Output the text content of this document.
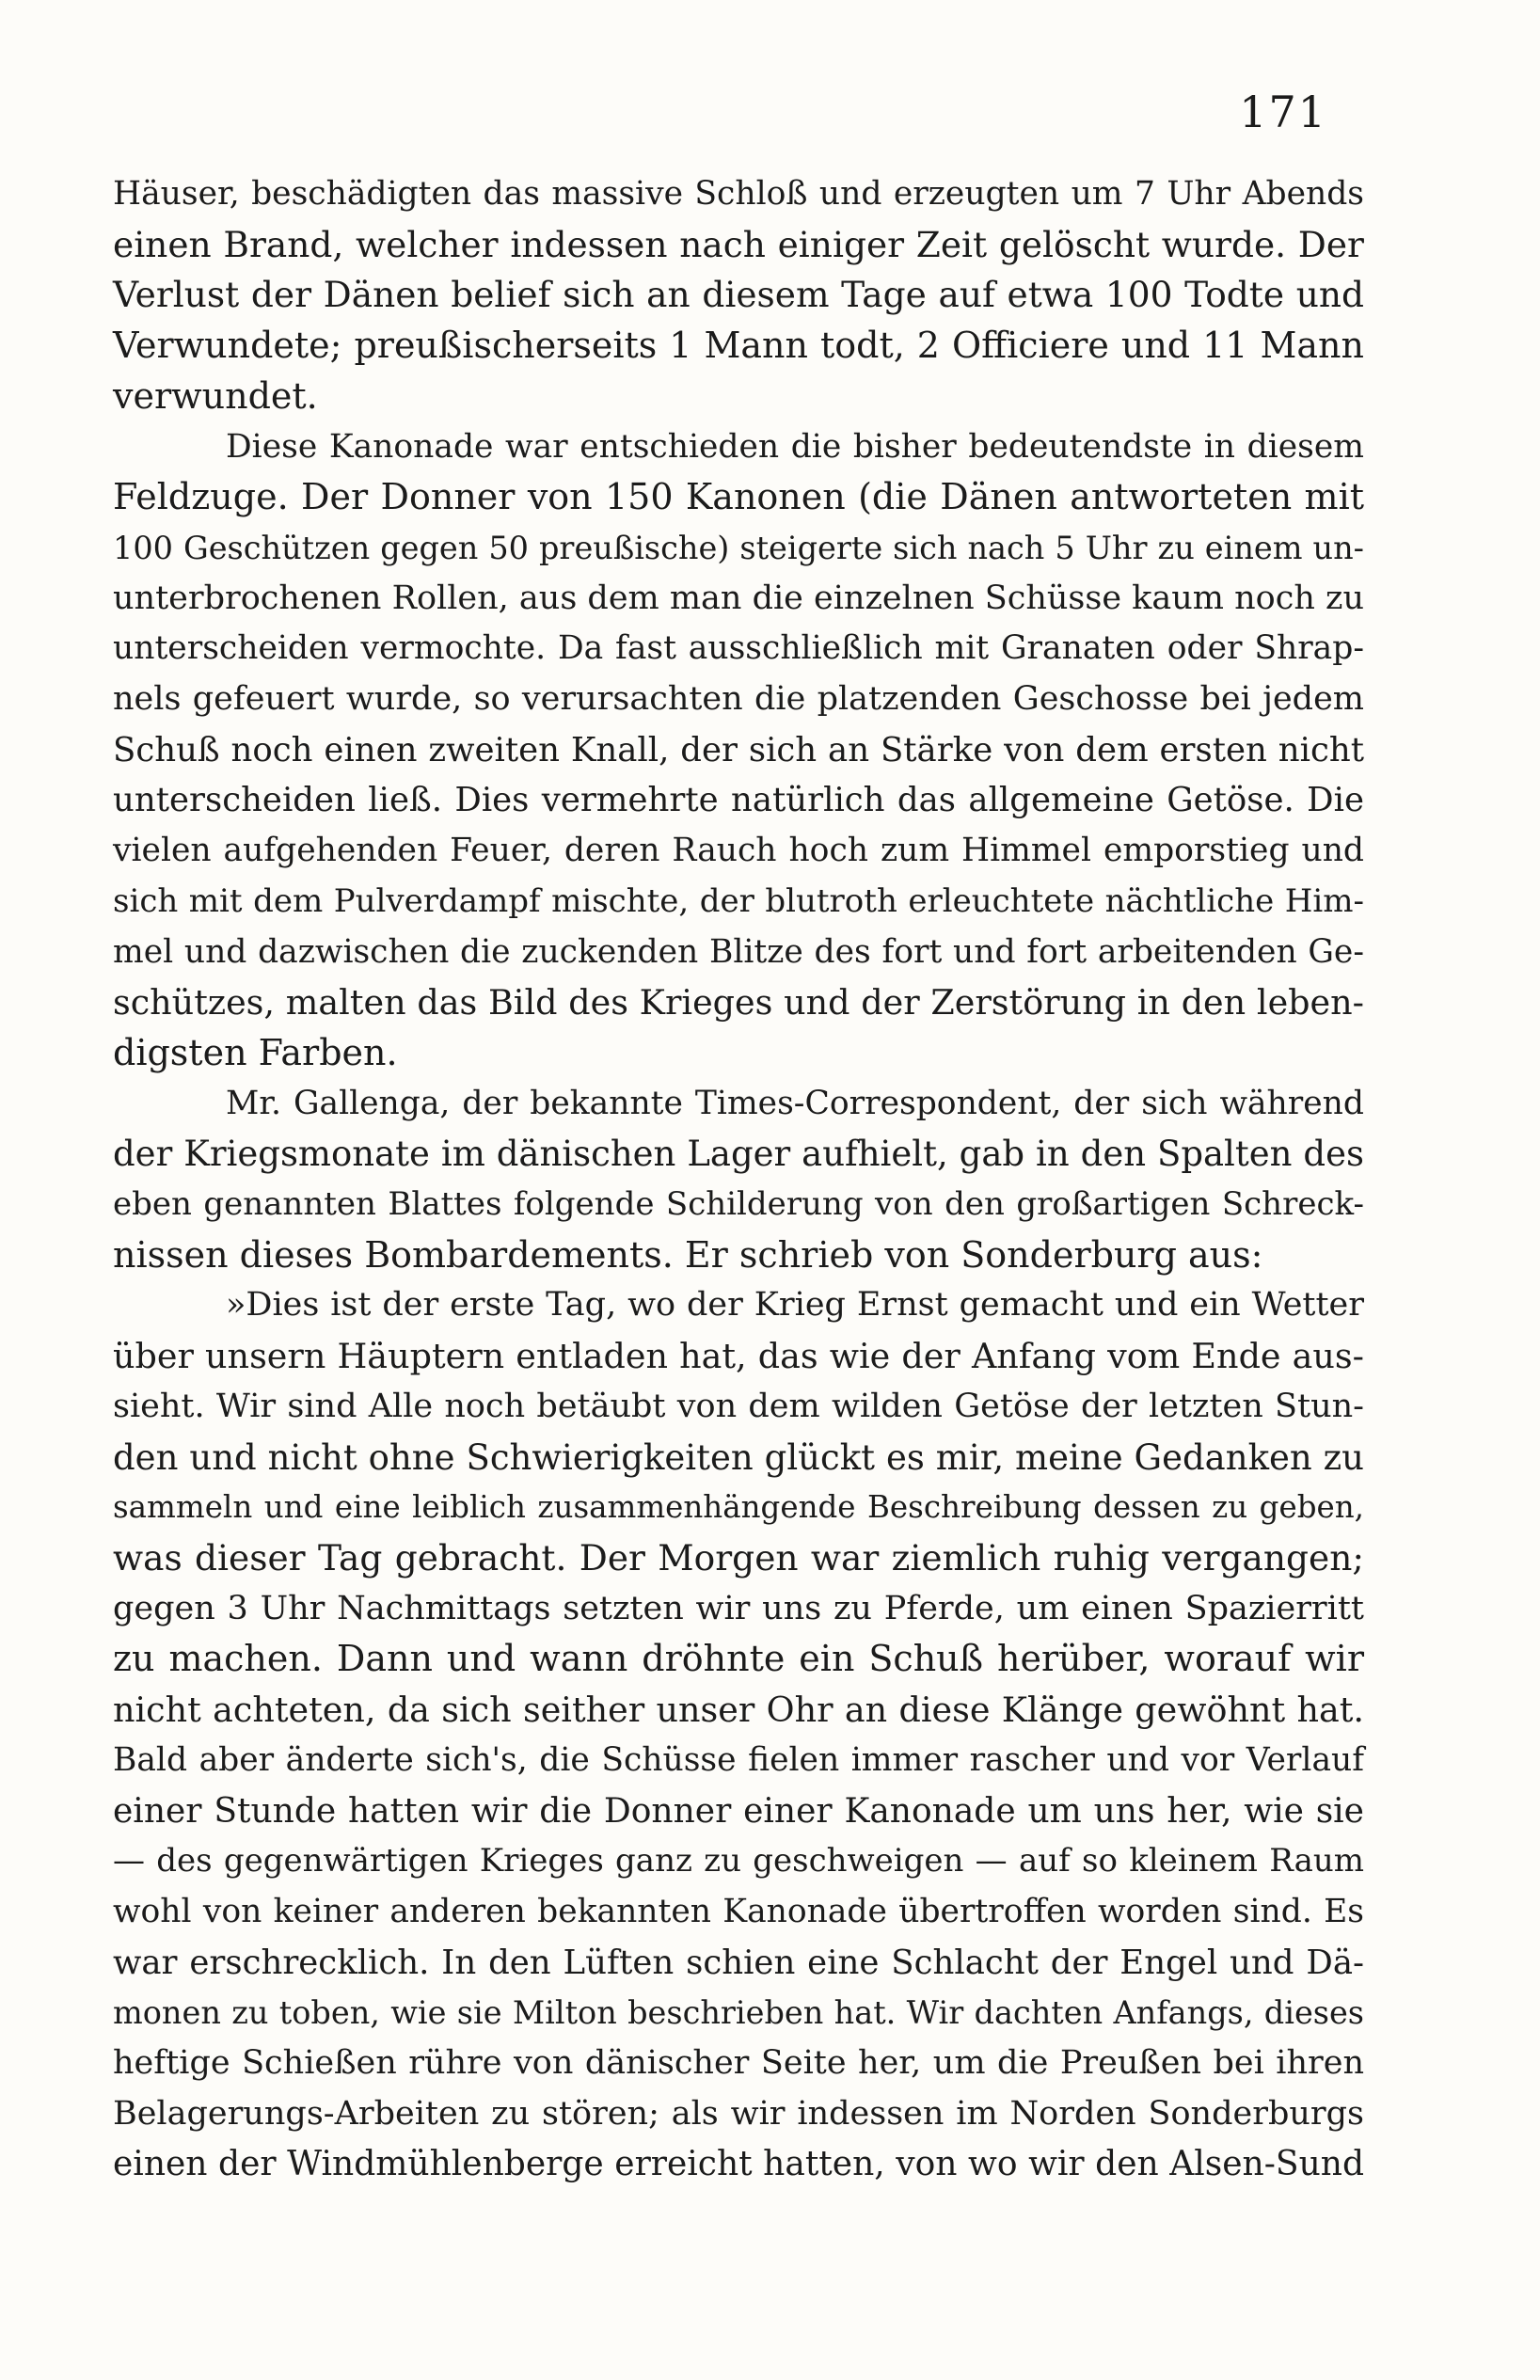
171
Häuser, beschädigten das massive Schloß und erzeugten um 7 Uhr Abends
einen Brand, welcher indessen nach einiger Zeit gelöscht wurde. Der
Verlust der Dänen belief sich an diesem Tage auf etwa 100 Todte und
Verwundete; preußischerseits 1 Mann todt, 2 Officiere und 11 Mann
verwundet.
Diese Kanonade war entschieden die bisher bedeutendste in diesem
Feldzuge. Der Donner von 150 Kanonen (die Dänen antworteten mit
100 Geschützen gegen 50 preußische) steigerte sich nach 5 Uhr zu einem un-
unterbrochenen Rollen, aus dem man die einzelnen Schüsse kaum noch zu
unterscheiden vermochte. Da fast ausschließlich mit Granaten oder Shrap-
nels gefeuert wurde, so verursachten die platzenden Geschosse bei jedem
Schuß noch einen zweiten Knall, der sich an Stärke von dem ersten nicht
unterscheiden ließ. Dies vermehrte natürlich das allgemeine Getöse. Die
vielen aufgehenden Feuer, deren Rauch hoch zum Himmel emporstieg und
sich mit dem Pulverdampf mischte, der blutroth erleuchtete nächtliche Him-
mel und dazwischen die zuckenden Blitze des fort und fort arbeitenden Ge-
schützes, malten das Bild des Krieges und der Zerstörung in den leben-
digsten Farben.
Mr. Gallenga, der bekannte Times-Correspondent, der sich während
der Kriegsmonate im dänischen Lager aufhielt, gab in den Spalten des
eben genannten Blattes folgende Schilderung von den großartigen Schreck-
nissen dieses Bombardements. Er schrieb von Sonderburg aus:
»Dies ist der erste Tag, wo der Krieg Ernst gemacht und ein Wetter
über unsern Häuptern entladen hat, das wie der Anfang vom Ende aus-
sieht. Wir sind Alle noch betäubt von dem wilden Getöse der letzten Stun-
den und nicht ohne Schwierigkeiten glückt es mir, meine Gedanken zu
sammeln und eine leiblich zusammenhängende Beschreibung dessen zu geben,
was dieser Tag gebracht. Der Morgen war ziemlich ruhig vergangen;
gegen 3 Uhr Nachmittags setzten wir uns zu Pferde, um einen Spazierritt
zu machen. Dann und wann dröhnte ein Schuß herüber, worauf wir
nicht achteten, da sich seither unser Ohr an diese Klänge gewöhnt hat.
Bald aber änderte sich's, die Schüsse fielen immer rascher und vor Verlauf
einer Stunde hatten wir die Donner einer Kanonade um uns her, wie sie
— des gegenwärtigen Krieges ganz zu geschweigen — auf so kleinem Raum
wohl von keiner anderen bekannten Kanonade übertroffen worden sind. Es
war erschrecklich. In den Lüften schien eine Schlacht der Engel und Dä-
monen zu toben, wie sie Milton beschrieben hat. Wir dachten Anfangs, dieses
heftige Schießen rühre von dänischer Seite her, um die Preußen bei ihren
Belagerungs-Arbeiten zu stören; als wir indessen im Norden Sonderburgs
einen der Windmühlenberge erreicht hatten, von wo wir den Alsen-Sund
